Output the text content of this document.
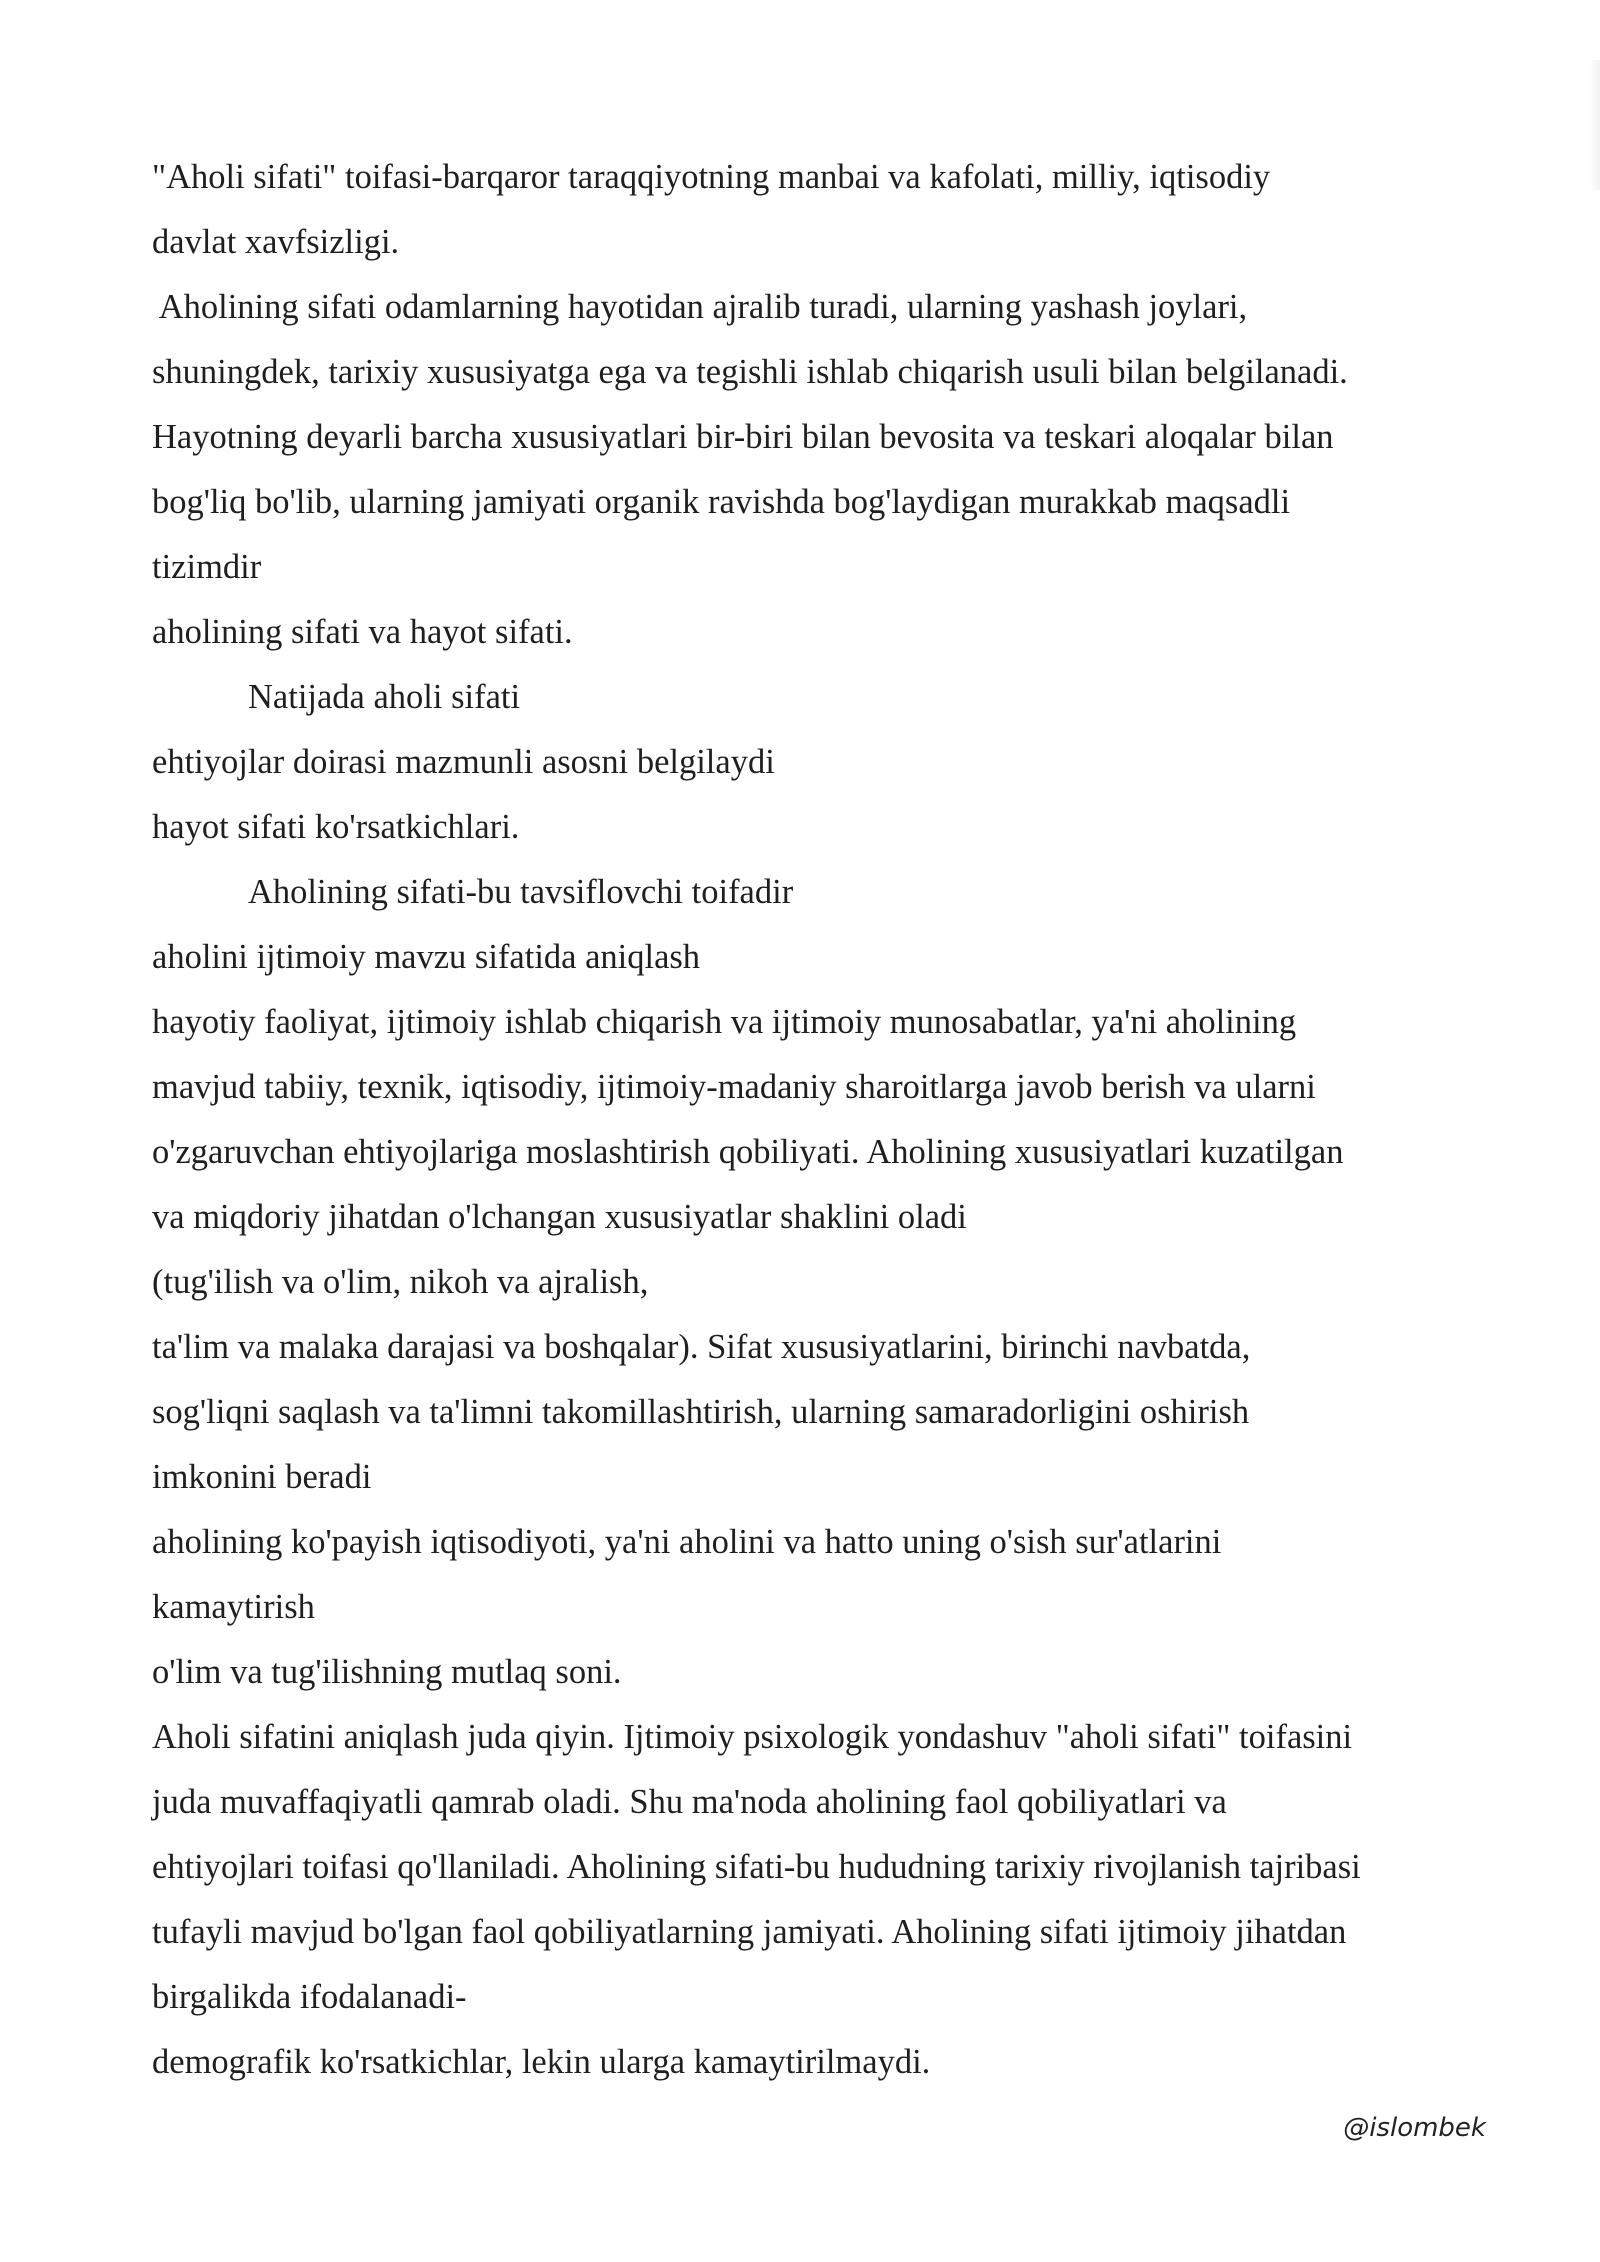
"Aholi sifati" toifasi-barqaror taraqqiyotning manbai va kafolati, milliy, iqtisodiy
davlat xavfsizligi.
Aholining sifati odamlarning hayotidan ajralib turadi, ularning yashash joylari,
shuningdek, tarixiy xususiyatga ega va tegishli ishlab chiqarish usuli bilan belgilanadi.
Hayotning deyarli barcha xususiyatlari bir-biri bilan bevosita va teskari aloqalar bilan
bog'liq bo'lib, ularning jamiyati organik ravishda bog'laydigan murakkab maqsadli
tizimdir
aholining sifati va hayot sifati.
Natijada aholi sifati
ehtiyojlar doirasi mazmunli asosni belgilaydi
hayot sifati ko'rsatkichlari.
Aholining sifati-bu tavsiflovchi toifadir
aholini ijtimoiy mavzu sifatida aniqlash
hayotiy faoliyat, ijtimoiy ishlab chiqarish va ijtimoiy munosabatlar, ya'ni aholining
mavjud tabiiy, texnik, iqtisodiy, ijtimoiy-madaniy sharoitlarga javob berish va ularni
o'zgaruvchan ehtiyojlariga moslashtirish qobiliyati. Aholining xususiyatlari kuzatilgan
va miqdoriy jihatdan o'lchangan xususiyatlar shaklini oladi
(tug'ilish va o'lim, nikoh va ajralish,
ta'lim va malaka darajasi va boshqalar). Sifat xususiyatlarini, birinchi navbatda,
sog'liqni saqlash va ta'limni takomillashtirish, ularning samaradorligini oshirish
imkonini beradi
aholining ko'payish iqtisodiyoti, ya'ni aholini va hatto uning o'sish sur'atlarini
kamaytirish
o'lim va tug'ilishning mutlaq soni.
Aholi sifatini aniqlash juda qiyin. Ijtimoiy psixologik yondashuv "aholi sifati" toifasini
juda muvaffaqiyatli qamrab oladi. Shu ma'noda aholining faol qobiliyatlari va
ehtiyojlari toifasi qo'llaniladi. Aholining sifati-bu hududning tarixiy rivojlanish tajribasi
tufayli mavjud bo'lgan faol qobiliyatlarning jamiyati. Aholining sifati ijtimoiy jihatdan
birgalikda ifodalanadi-
demografik ko'rsatkichlar, lekin ularga kamaytirilmaydi.
@islombek
